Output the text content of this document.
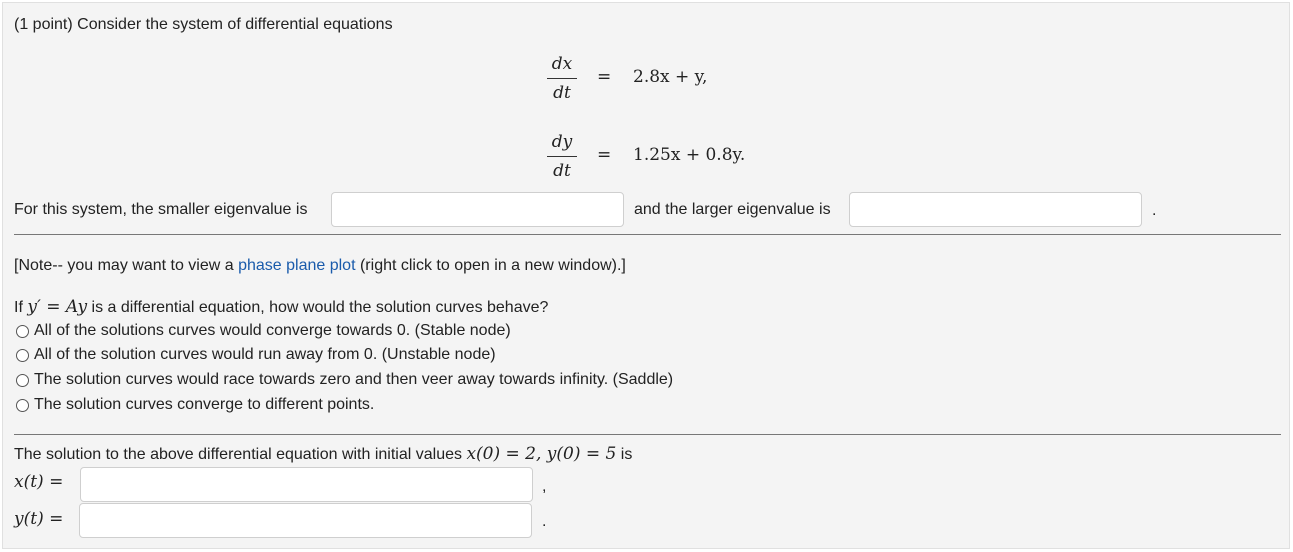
(1 point) Consider the system of differential equations
dx
dt
= 2.8x + y,
dy
dt
= 1.25x + 0.8y.
For this system, the smaller eigenvalue is	and the larger eigenvalue is	.
[Note-- you may want to view a phase plane plot (right click to open in a new window).]
If y′ = Ay is a differential equation, how would the solution curves behave?
All of the solutions curves would converge towards 0. (Stable node)
All of the solution curves would run away from 0. (Unstable node)
The solution curves would race towards zero and then veer away towards infinity. (Saddle)
The solution curves converge to different points.
The solution to the above differential equation with initial values x(0) = 2, y(0) = 5 is
x(t) =	,
y(t) =	.
